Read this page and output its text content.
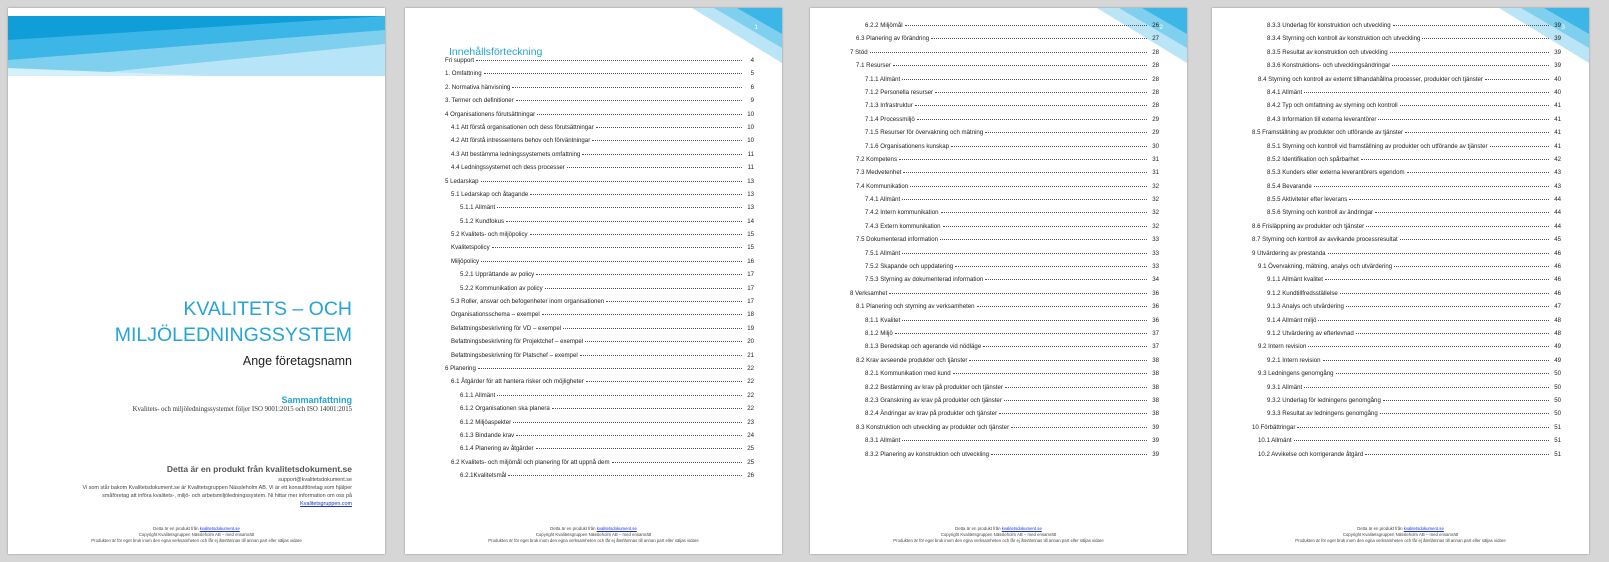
KVALITETS – OCH
MILJÖLEDNINGSSYSTEM
Ange företagsnamn
Sammanfattning
Kvalitets- och miljöledningssystemet följer ISO 9001:2015 och ISO 14001:2015
Detta är en produkt från kvalitetsdokument.se
support@kvalitetsdokument.se
Vi som står bakom Kvalitetsdokument.se är Kvalitetsgruppen Nässleholm AB. Vi är ett konsultföretag som hjälper småföretag att införa kvalitets-, miljö- och arbetsmiljöledningssystem. Ni hittar mer information om oss på Kvalitetsgruppen.com
Detta är en produkt från kvalitetsdokument.se
Copyright Kvalitetsgruppen Nässleholm AB – med ensamrätt
Produkten är för eget bruk inom den egna verksamheten och får ej återlämnas till annan part eller säljas vidare
1
Innehållsförteckning
Fri support	4
1. Omfattning	5
2. Normativa hänvisning	6
3. Termer och definitioner	9
4 Organisationens förutsättningar	10
4.1 Att förstå organisationen och dess förutsättningar	10
4.2 Att förstå intressentens behov och förväntningar	10
4.3 Att bestämma ledningssystemets omfattning	11
4.4 Ledningssystemet och dess processer	11
5 Ledarskap	13
5.1 Ledarskap och åtagande	13
5.1.1 Allmänt	13
5.1.2 Kundfokus	14
5.2 Kvalitets- och miljöpolicy	15
Kvalitetspolicy	15
Miljöpolicy	16
5.2.1 Upprättande av policy	17
5.2.2 Kommunikation av policy	17
5.3 Roller, ansvar och befogenheter inom organisationen	17
Organisationsschema – exempel	18
Befattningsbeskrivning för VD – exempel	19
Befattningsbeskrivning för Projektchef – exempel	20
Befattningsbeskrivning för Platschef – exempel	21
6 Planering	22
6.1 Åtgärder för att hantera risker och möjligheter	22
6.1.1 Allmänt	22
6.1.2 Organisationen ska planera	22
6.1.2 Miljöaspekter	23
6.1.3 Bindande krav	24
6.1.4 Planering av åtgärder	25
6.2 Kvalitets- och miljömål och planering för att uppnå dem	25
6.2.1Kvalitetsmål	26
Detta är en produkt från kvalitetsdokument.se
Copyright Kvalitetsgruppen Nässleholm AB – med ensamrätt
Produkten är för eget bruk inom den egna verksamheten och får ej återlämnas till annan part eller säljas vidare
2
6.2.2 Miljömål	26
6.3 Planering av förändring	27
7 Stöd	28
7.1 Resurser	28
7.1.1 Allmänt	28
7.1.2 Personella resurser	28
7.1.3 Infrastruktur	28
7.1.4 Processmiljö	29
7.1.5 Resurser för övervakning och mätning	29
7.1.6 Organisationens kunskap	30
7.2 Kompetens	31
7.3 Medvetenhet	31
7.4 Kommunikation	32
7.4.1 Allmänt	32
7.4.2 Intern kommunikation	32
7.4.3 Extern kommunikation	32
7.5 Dokumenterad information	33
7.5.1 Allmänt	33
7.5.2 Skapande och uppdatering	33
7.5.3 Styrning av dokumenterad information	34
8 Verksamhet	36
8.1 Planering och styrning av verksamheten	36
8.1.1 Kvalitet	36
8.1.2 Miljö	37
8.1.3 Beredskap och agerande vid nödläge	37
8.2 Krav avseende produkter och tjänster	38
8.2.1 Kommunikation med kund	38
8.2.2 Bestämning av krav på produkter och tjänster	38
8.2.3 Granskning av krav på produkter och tjänster	38
8.2.4 Ändringar av krav på produkter och tjänster	38
8.3 Konstruktion och utveckling av produkter och tjänster	39
8.3.1 Allmänt	39
8.3.2 Planering av konstruktion och utveckling	39
Detta är en produkt från kvalitetsdokument.se
Copyright Kvalitetsgruppen Nässleholm AB – med ensamrätt
Produkten är för eget bruk inom den egna verksamheten och får ej återlämnas till annan part eller säljas vidare
3
8.3.3 Underlag för konstruktion och utveckling	39
8.3.4 Styrning och kontroll av konstruktion och utveckling	39
8.3.5 Resultat av konstruktion och utveckling	39
8.3.6 Konstruktions- och utvecklingsändringar	39
8.4 Styrning och kontroll av externt tillhandahållna processer, produkter och tjänster	40
8.4.1 Allmänt	40
8.4.2 Typ och omfattning av styrning och kontroll	41
8.4.3 Information till externa leverantörer	41
8.5 Framställning av produkter och utförande av tjänster	41
8.5.1 Styrning och kontroll vid framställning av produkter och utförande av tjänster	41
8.5.2 Identifikation och spårbarhet	42
8.5.3 Kunders eller externa leverantörers egendom	43
8.5.4 Bevarande	43
8.5.5 Aktiviteter efter leverans	44
8.5.6 Styrning och kontroll av ändringar	44
8.6 Frisläppning av produkter och tjänster	44
8.7 Styrning och kontroll av avvikande processresultat	45
9 Utvärdering av prestanda	46
9.1 Övervakning, mätning, analys och utvärdering	46
9.1.1 Allmänt kvalitet	46
9.1.2 Kundtillfredsställelse	46
9.1.3 Analys och utvärdering	47
9.1.4 Allmänt miljö	48
9.1.2 Utvärdering av efterlevnad	48
9.2 Intern revision	49
9.2.1 Intern revision	49
9.3 Ledningens genomgång	50
9.3.1 Allmänt	50
9.3.2 Underlag för ledningens genomgång	50
9.3.3 Resultat av ledningens genomgång	50
10 Förbättringar	51
10.1 Allmänt	51
10.2 Avvikelse och korrigerande åtgärd	51
Detta är en produkt från kvalitetsdokument.se
Copyright Kvalitetsgruppen Nässleholm AB – med ensamrätt
Produkten är för eget bruk inom den egna verksamheten och får ej återlämnas till annan part eller säljas vidare
